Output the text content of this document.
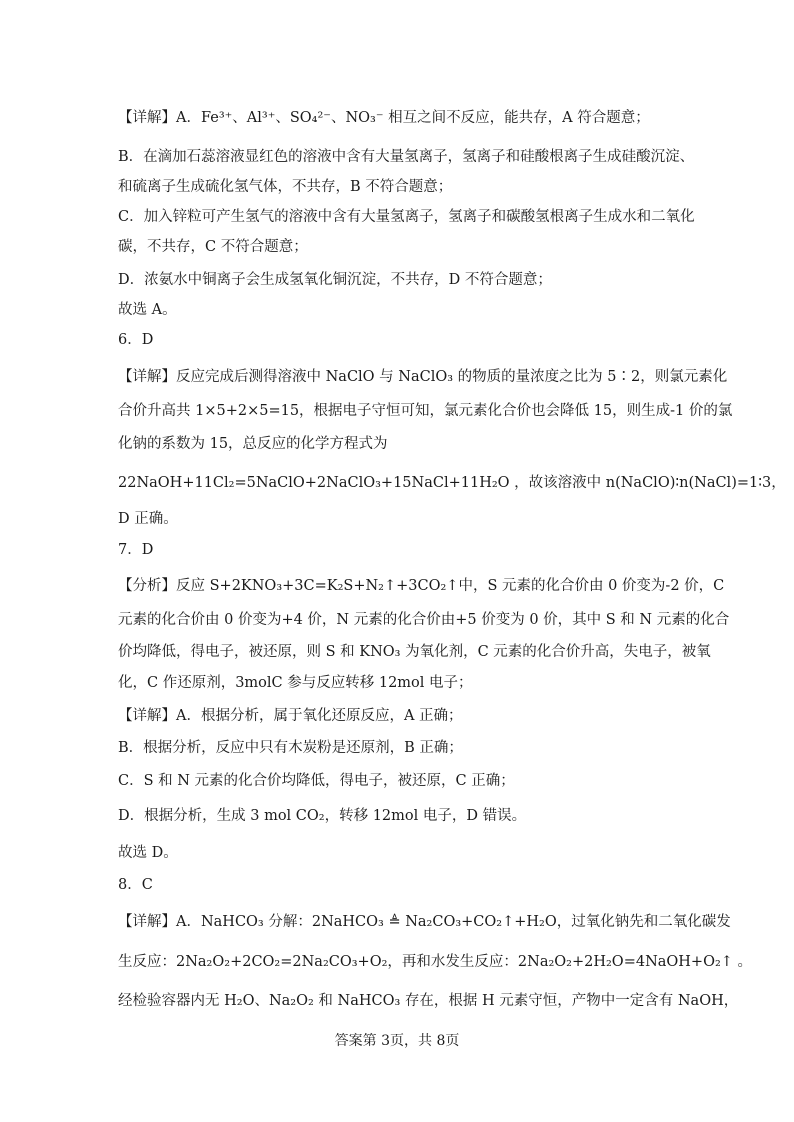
【详解】A．Fe³⁺、Al³⁺、SO₄²⁻、NO₃⁻ 相互之间不反应，能共存，A 符合题意；
B．在滴加石蕊溶液显红色的溶液中含有大量氢离子，氢离子和硅酸根离子生成硅酸沉淀、
和硫离子生成硫化氢气体，不共存，B 不符合题意；
C．加入锌粒可产生氢气的溶液中含有大量氢离子，氢离子和碳酸氢根离子生成水和二氧化
碳，不共存，C 不符合题意；
D．浓氨水中铜离子会生成氢氧化铜沉淀，不共存，D 不符合题意；
故选 A。
6．D
【详解】反应完成后测得溶液中 NaClO 与 NaClO₃ 的物质的量浓度之比为 5∶2，则氯元素化
合价升高共 1×5+2×5=15，根据电子守恒可知，氯元素化合价也会降低 15，则生成-1 价的氯
化钠的系数为 15，总反应的化学方程式为
22NaOH+11Cl₂=5NaClO+2NaClO₃+15NaCl+11H₂O ，故该溶液中 n(NaClO)∶n(NaCl)=1∶3，
D 正确。
7．D
【分析】反应 S+2KNO₃+3C=K₂S+N₂↑+3CO₂↑中，S 元素的化合价由 0 价变为-2 价，C
元素的化合价由 0 价变为+4 价，N 元素的化合价由+5 价变为 0 价，其中 S 和 N 元素的化合
价均降低，得电子，被还原，则 S 和 KNO₃ 为氧化剂，C 元素的化合价升高，失电子，被氧
化，C 作还原剂，3molC 参与反应转移 12mol 电子；
【详解】A．根据分析，属于氧化还原反应，A 正确；
B．根据分析，反应中只有木炭粉是还原剂，B 正确；
C．S 和 N 元素的化合价均降低，得电子，被还原，C 正确；
D．根据分析，生成 3 mol CO₂，转移 12mol 电子，D 错误。
故选 D。
8．C
【详解】A．NaHCO₃ 分解：2NaHCO₃ ≜ Na₂CO₃+CO₂↑+H₂O，过氧化钠先和二氧化碳发
生反应：2Na₂O₂+2CO₂=2Na₂CO₃+O₂，再和水发生反应：2Na₂O₂+2H₂O=4NaOH+O₂↑ 。
经检验容器内无 H₂O、Na₂O₂ 和 NaHCO₃ 存在，根据 H 元素守恒，产物中一定含有 NaOH，
答案第 3页，共 8页
